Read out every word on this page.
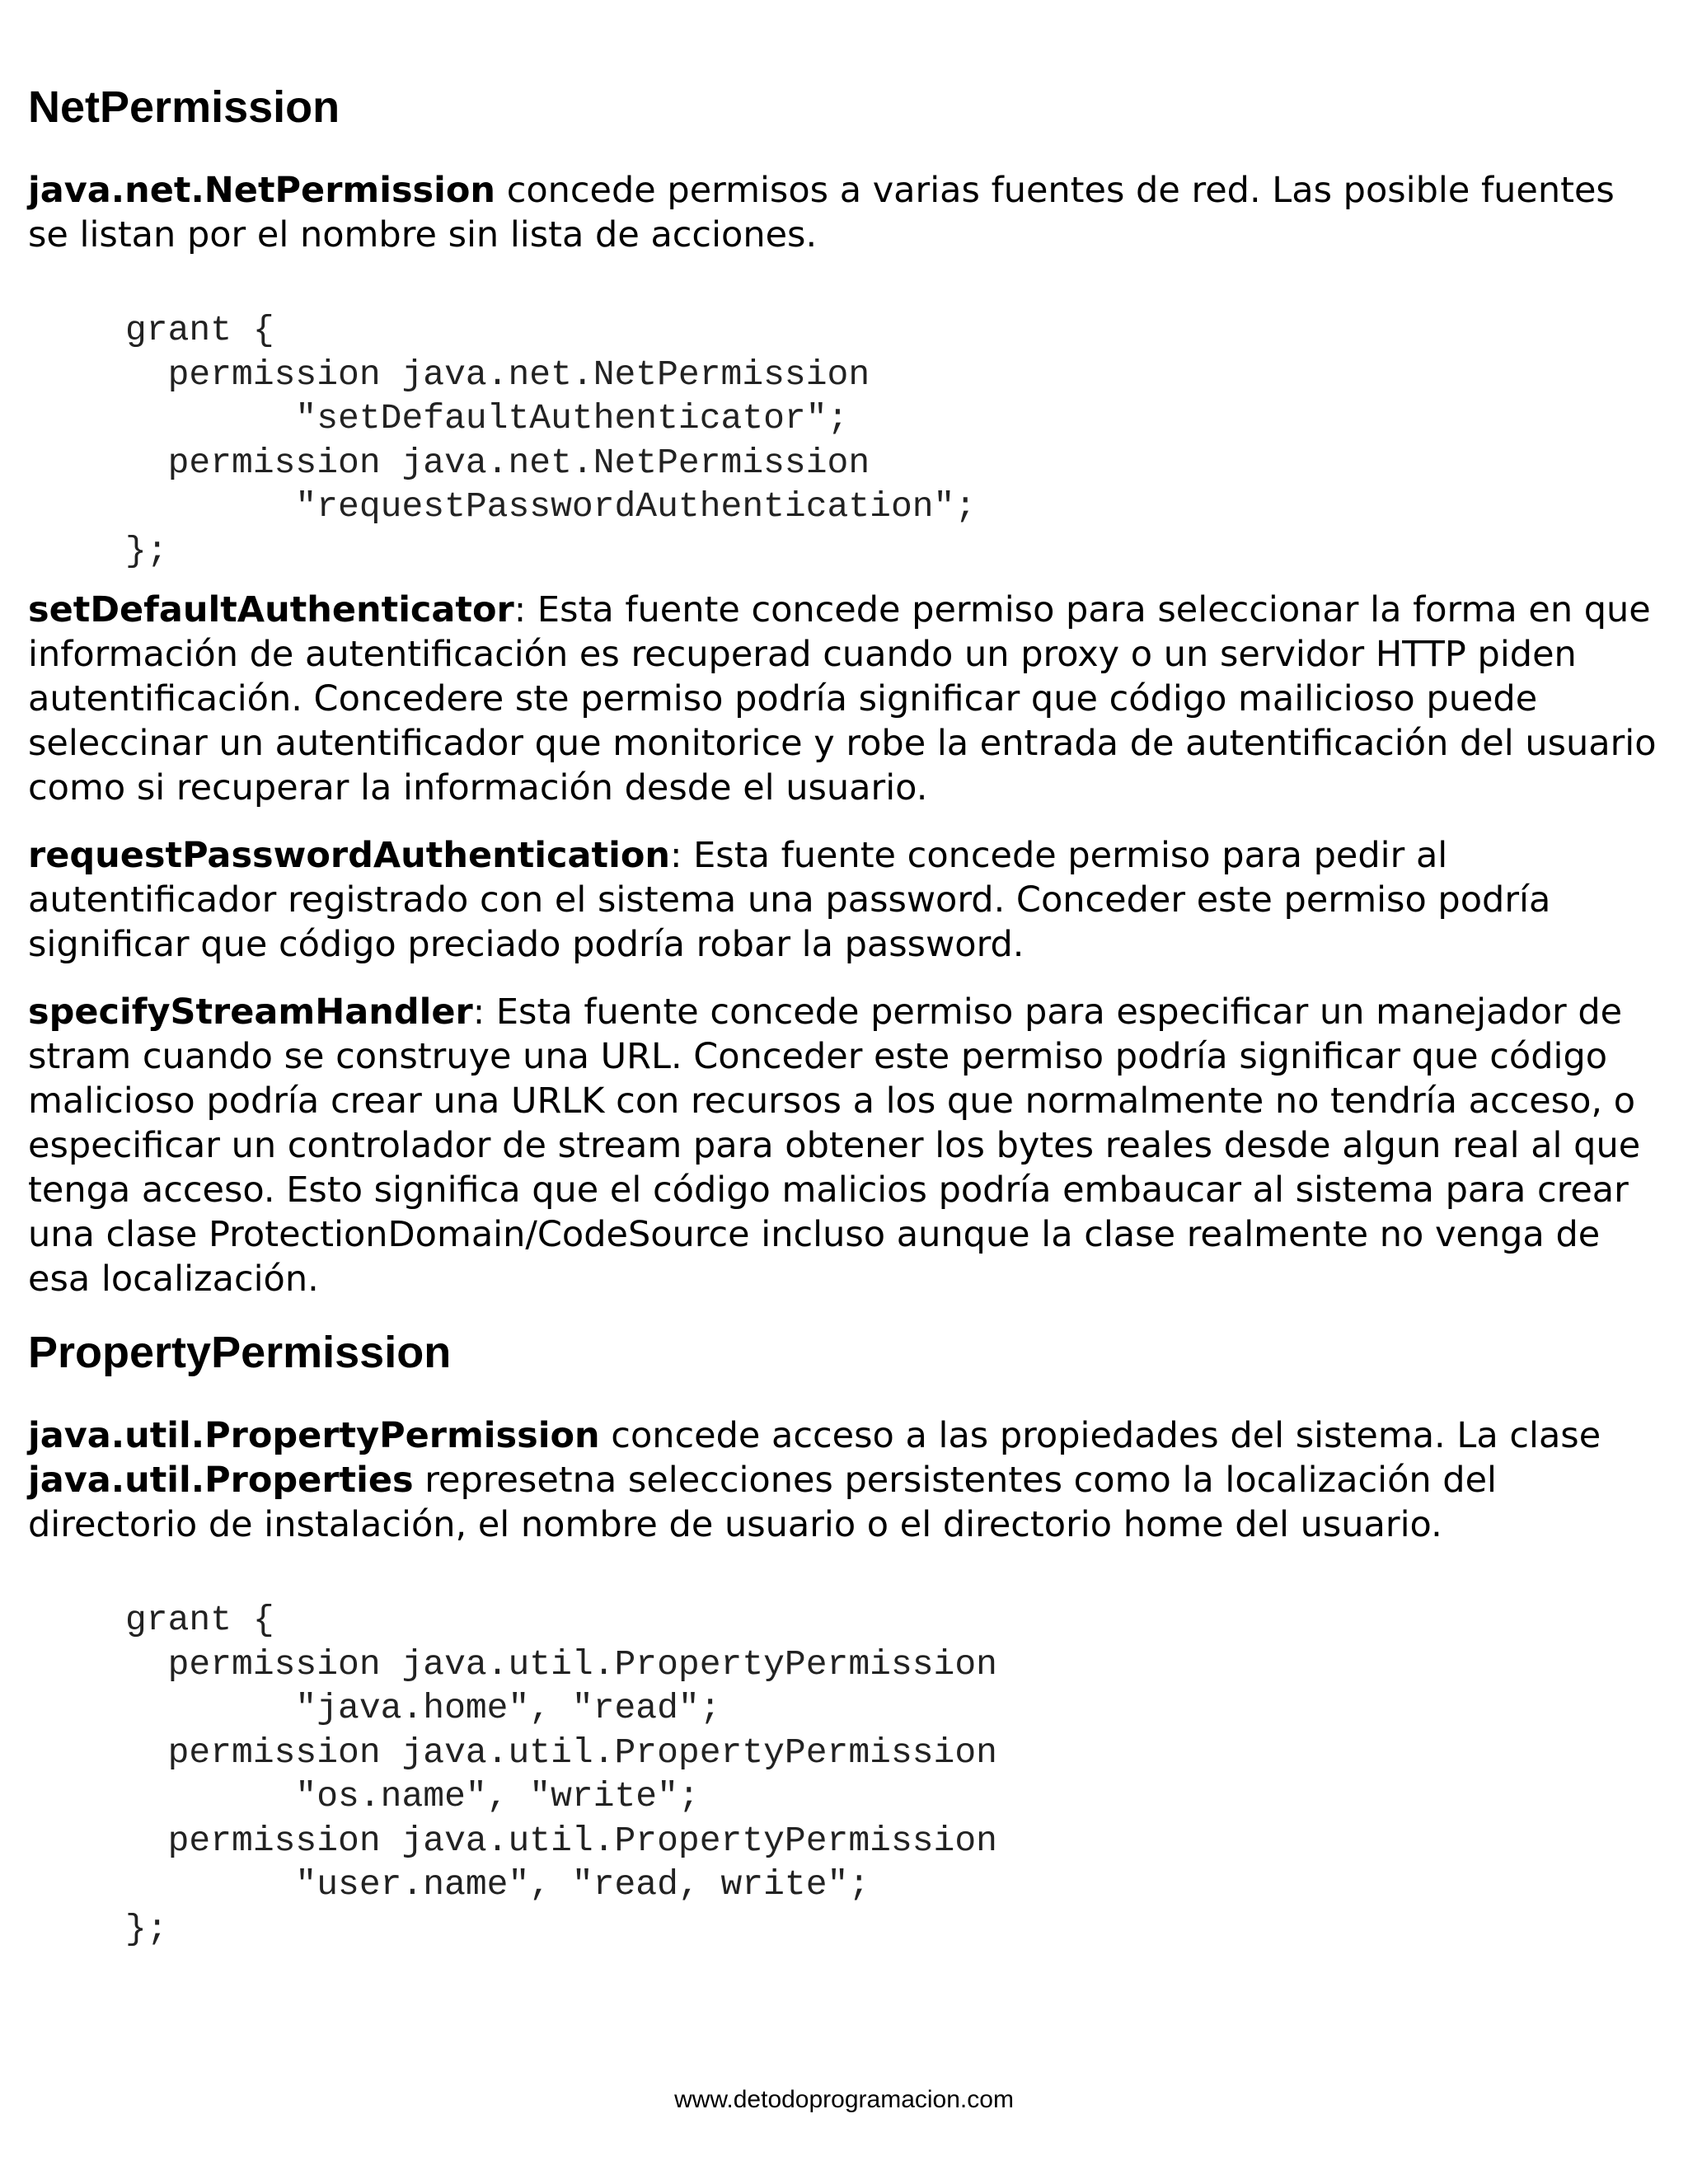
NetPermission

java.net.NetPermission concede permisos a varias fuentes de red. Las posible fuentes se listan por el nombre sin lista de acciones.

grant {
permission java.net.NetPermission
"setDefaultAuthenticator";
permission java.net.NetPermission
"requestPasswordAuthentication";
};

setDefaultAuthenticator: Esta fuente concede permiso para seleccionar la forma en que información de autentificación es recuperad cuando un proxy o un servidor HTTP piden autentificación. Concedere ste permiso podría significar que código mailicioso puede seleccinar un autentificador que monitorice y robe la entrada de autentificación del usuario como si recuperar la información desde el usuario.

requestPasswordAuthentication: Esta fuente concede permiso para pedir al autentificador registrado con el sistema una password. Conceder este permiso podría significar que código preciado podría robar la password.

specifyStreamHandler: Esta fuente concede permiso para especificar un manejador de stram cuando se construye una URL. Conceder este permiso podría significar que código malicioso podría crear una URLK con recursos a los que normalmente no tendría acceso, o especificar un controlador de stream para obtener los bytes reales desde algun real al que tenga acceso. Esto significa que el código malicios podría embaucar al sistema para crear una clase ProtectionDomain/CodeSource incluso aunque la clase realmente no venga de esa localización.

PropertyPermission

java.util.PropertyPermission concede acceso a las propiedades del sistema. La clase java.util.Properties represetna selecciones persistentes como la localización del directorio de instalación, el nombre de usuario o el directorio home del usuario.

grant {
permission java.util.PropertyPermission
"java.home", "read";
permission java.util.PropertyPermission
"os.name", "write";
permission java.util.PropertyPermission
"user.name", "read, write";
};
www.detodoprogramacion.com
